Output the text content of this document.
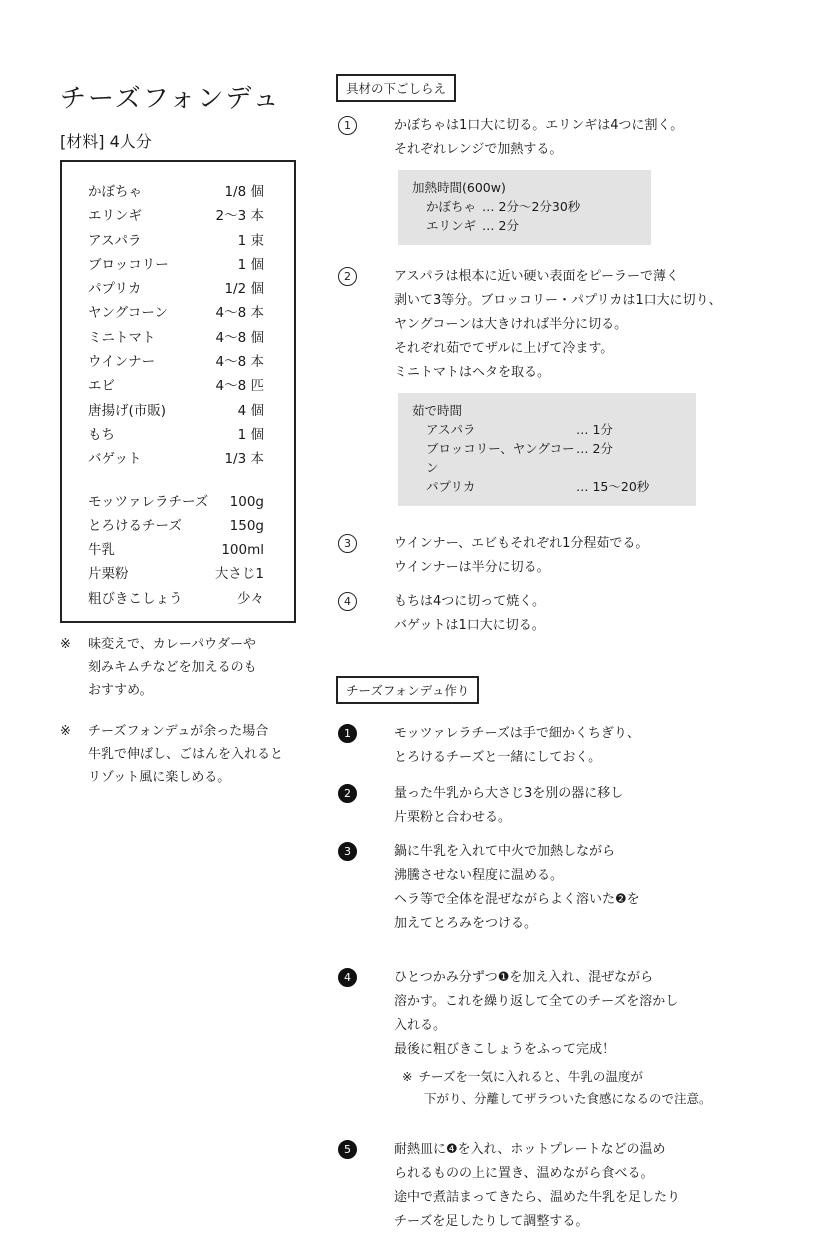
チーズフォンデュ
[材料] 4人分
かぼちゃ	1/8 個
エリンギ	2〜3 本
アスパラ	1 束
ブロッコリー	1 個
パプリカ	1/2 個
ヤングコーン	4〜8 本
ミニトマト	4〜8 個
ウインナー	4〜8 本
エビ	4〜8 匹
唐揚げ(市販)	4 個
もち	1 個
バゲット	1/3 本
モッツァレラチーズ 100g
とろけるチーズ	150g
牛乳	100ml
片栗粉	大さじ1
粗びきこしょう	少々
※ 味変えで、カレーパウダーや
刻みキムチなどを加えるのも
おすすめ。
※ チーズフォンデュが余った場合
牛乳で伸ばし、ごはんを入れると
リゾット風に楽しめる。
具材の下ごしらえ
1	かぼちゃは1口大に切る。エリンギは4つに割く。
それぞれレンジで加熱する。
加熱時間(600w)
かぼちゃ … 2分〜2分30秒
エリンギ … 2分
2	アスパラは根本に近い硬い表面をピーラーで薄く
剥いて3等分。ブロッコリー・パプリカは1口大に切り、
ヤングコーンは大きければ半分に切る。
それぞれ茹でてザルに上げて冷ます。
ミニトマトはヘタを取る。
茹で時間
アスパラ	… 1分
ブロッコリー、ヤングコーン
… 2分
パプリカ	… 15〜20秒
3	ウインナー、エビもそれぞれ1分程茹でる。
ウインナーは半分に切る。
4	もちは4つに切って焼く。
バゲットは1口大に切る。
チーズフォンデュ作り
1	モッツァレラチーズは手で細かくちぎり、
とろけるチーズと一緒にしておく。
2	量った牛乳から大さじ3を別の器に移し
片栗粉と合わせる。
3	鍋に牛乳を入れて中火で加熱しながら
沸騰させない程度に温める。
ヘラ等で全体を混ぜながらよく溶いた❷を
加えてとろみをつける。
4	ひとつかみ分ずつ❶を加え入れ、混ぜながら
溶かす。これを繰り返して全てのチーズを溶かし
入れる。
最後に粗びきこしょうをふって完成！
※ チーズを一気に入れると、牛乳の温度が
下がり、分離してザラついた食感になるので注意。
5	耐熱皿に❹を入れ、ホットプレートなどの温め
られるものの上に置き、温めながら食べる。
途中で煮詰まってきたら、温めた牛乳を足したり
チーズを足したりして調整する。
